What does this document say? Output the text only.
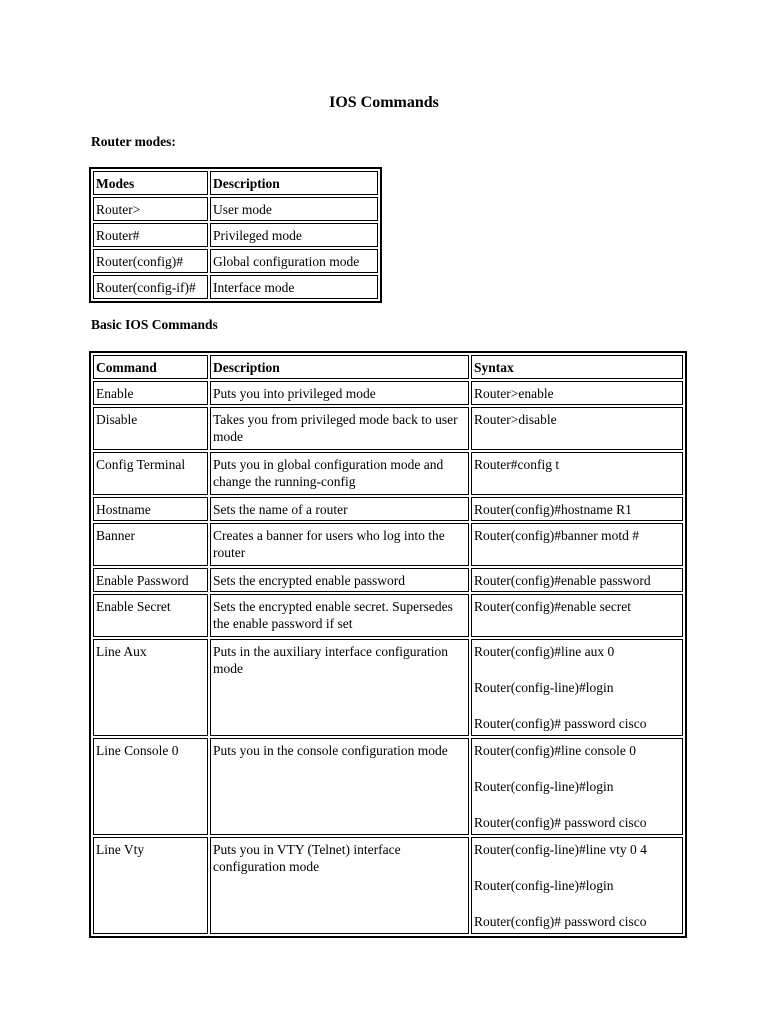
IOS Commands
Router modes:
Modes	Description
Router>	User mode
Router#	Privileged mode
Router(config)#	Global configuration mode
Router(config-if)#	Interface mode
Basic IOS Commands
Command	Description	Syntax
Enable	Puts you into privileged mode	Router>enable

Disable	Takes you from privileged mode back to user mode	Router>disable

Config Terminal	Puts you in global configuration mode and change the running-config	Router#config t

Hostname	Sets the name of a router	Router(config)#hostname R1

Banner	Creates a banner for users who log into the router	Router(config)#banner motd #

Enable Password	Sets the encrypted enable password	Router(config)#enable password

Enable Secret	Sets the encrypted enable secret. Supersedes the enable password if set	Router(config)#enable secret

Line Aux	Puts in the auxiliary interface configuration mode	Router(config)#line aux 0
Router(config-line)#login
Router(config)# password cisco

Line Console 0	Puts you in the console configuration mode	Router(config)#line console 0
Router(config-line)#login
Router(config)# password cisco

Line Vty	Puts you in VTY (Telnet) interface configuration mode	Router(config-line)#line vty 0 4
Router(config-line)#login
Router(config)# password cisco
